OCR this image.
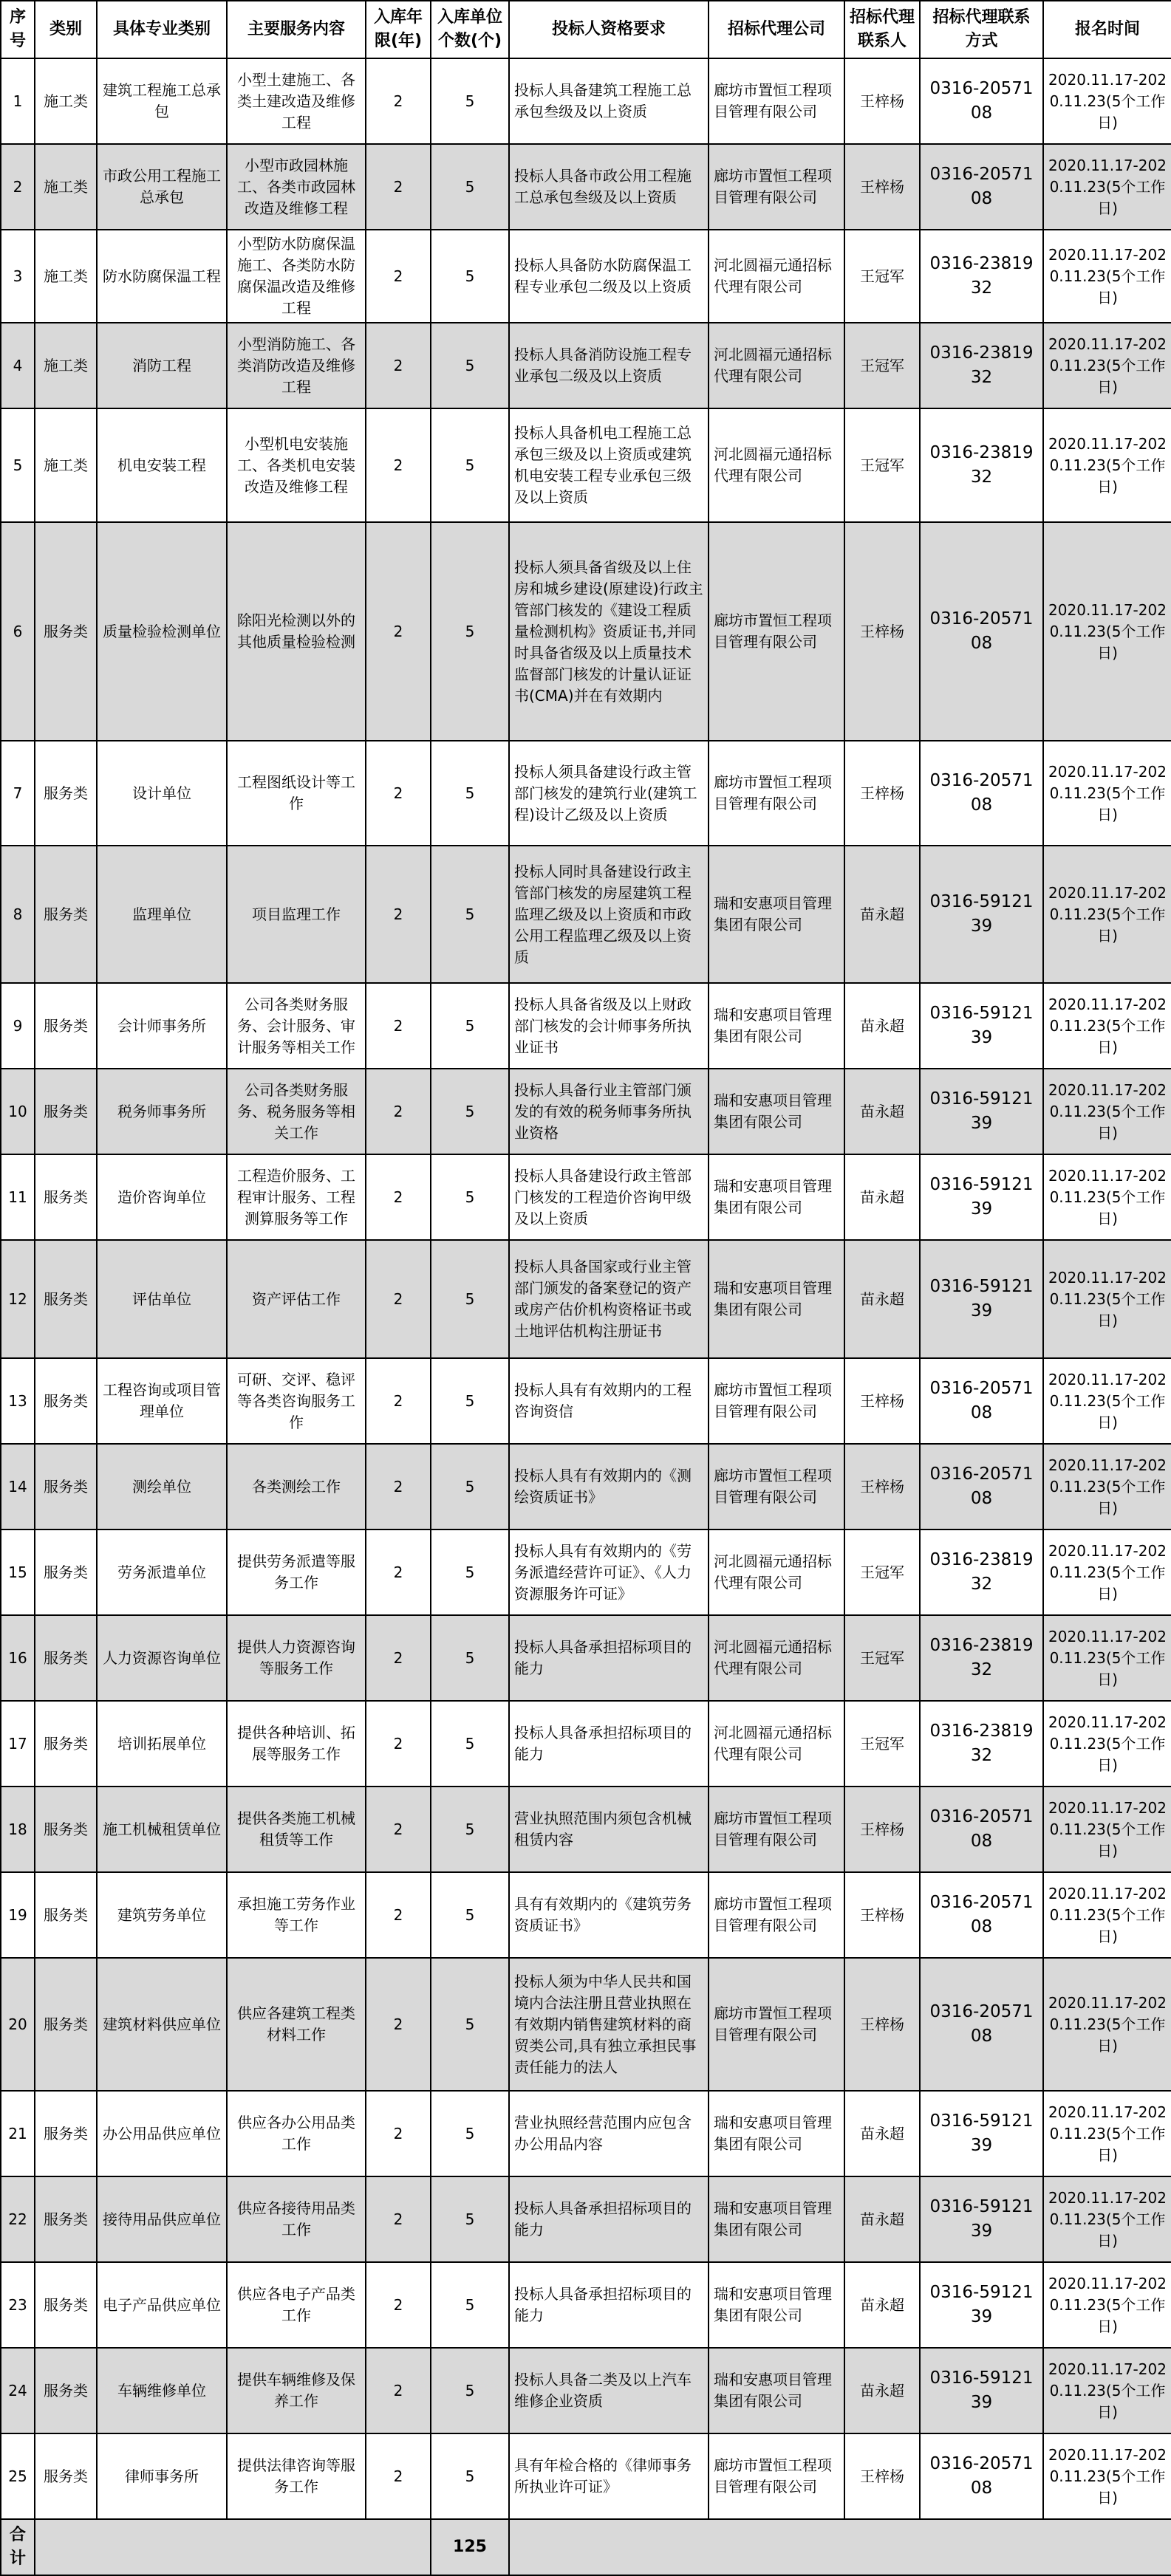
序号	类别	具体专业类别	主要服务内容	入库年限(年)	入库单位个数(个)	投标人资格要求	招标代理公司	招标代理联系人	招标代理联系方式	报名时间
1	施工类	建筑工程施工总承包	小型土建施工、各类土建改造及维修工程	2	5	投标人具备建筑工程施工总承包叁级及以上资质	廊坊市置恒工程项目管理有限公司	王梓杨	0316-2057108	2020.11.17-2020.11.23(5个工作日)
2	施工类	市政公用工程施工总承包	小型市政园林施工、各类市政园林改造及维修工程	2	5	投标人具备市政公用工程施工总承包叁级及以上资质	廊坊市置恒工程项目管理有限公司	王梓杨	0316-2057108	2020.11.17-2020.11.23(5个工作日)
3	施工类	防水防腐保温工程	小型防水防腐保温施工、各类防水防腐保温改造及维修工程	2	5	投标人具备防水防腐保温工程专业承包二级及以上资质	河北圆福元通招标代理有限公司	王冠军	0316-2381932	2020.11.17-2020.11.23(5个工作日)
4	施工类	消防工程	小型消防施工、各类消防改造及维修工程	2	5	投标人具备消防设施工程专业承包二级及以上资质	河北圆福元通招标代理有限公司	王冠军	0316-2381932	2020.11.17-2020.11.23(5个工作日)
5	施工类	机电安装工程	小型机电安装施工、各类机电安装改造及维修工程	2	5	投标人具备机电工程施工总承包三级及以上资质或建筑机电安装工程专业承包三级及以上资质	河北圆福元通招标代理有限公司	王冠军	0316-2381932	2020.11.17-2020.11.23(5个工作日)
6	服务类	质量检验检测单位	除阳光检测以外的其他质量检验检测	2	5	投标人须具备省级及以上住房和城乡建设(原建设)行政主管部门核发的《建设工程质量检测机构》资质证书,并同时具备省级及以上质量技术监督部门核发的计量认证证书(CMA)并在有效期内	廊坊市置恒工程项目管理有限公司	王梓杨	0316-2057108	2020.11.17-2020.11.23(5个工作日)
7	服务类	设计单位	工程图纸设计等工作	2	5	投标人须具备建设行政主管部门核发的建筑行业(建筑工程)设计乙级及以上资质	廊坊市置恒工程项目管理有限公司	王梓杨	0316-2057108	2020.11.17-2020.11.23(5个工作日)
8	服务类	监理单位	项目监理工作	2	5	投标人同时具备建设行政主管部门核发的房屋建筑工程监理乙级及以上资质和市政公用工程监理乙级及以上资质	瑞和安惠项目管理集团有限公司	苗永超	0316-5912139	2020.11.17-2020.11.23(5个工作日)
9	服务类	会计师事务所	公司各类财务服务、会计服务、审计服务等相关工作	2	5	投标人具备省级及以上财政部门核发的会计师事务所执业证书	瑞和安惠项目管理集团有限公司	苗永超	0316-5912139	2020.11.17-2020.11.23(5个工作日)
10	服务类	税务师事务所	公司各类财务服务、税务服务等相关工作	2	5	投标人具备行业主管部门颁发的有效的税务师事务所执业资格	瑞和安惠项目管理集团有限公司	苗永超	0316-5912139	2020.11.17-2020.11.23(5个工作日)
11	服务类	造价咨询单位	工程造价服务、工程审计服务、工程测算服务等工作	2	5	投标人具备建设行政主管部门核发的工程造价咨询甲级及以上资质	瑞和安惠项目管理集团有限公司	苗永超	0316-5912139	2020.11.17-2020.11.23(5个工作日)
12	服务类	评估单位	资产评估工作	2	5	投标人具备国家或行业主管部门颁发的备案登记的资产或房产估价机构资格证书或土地评估机构注册证书	瑞和安惠项目管理集团有限公司	苗永超	0316-5912139	2020.11.17-2020.11.23(5个工作日)
13	服务类	工程咨询或项目管理单位	可研、交评、稳评等各类咨询服务工作	2	5	投标人具有有效期内的工程咨询资信	廊坊市置恒工程项目管理有限公司	王梓杨	0316-2057108	2020.11.17-2020.11.23(5个工作日)
14	服务类	测绘单位	各类测绘工作	2	5	投标人具有有效期内的《测绘资质证书》	廊坊市置恒工程项目管理有限公司	王梓杨	0316-2057108	2020.11.17-2020.11.23(5个工作日)
15	服务类	劳务派遣单位	提供劳务派遣等服务工作	2	5	投标人具有有效期内的《劳务派遣经营许可证》、《人力资源服务许可证》	河北圆福元通招标代理有限公司	王冠军	0316-2381932	2020.11.17-2020.11.23(5个工作日)
16	服务类	人力资源咨询单位	提供人力资源咨询等服务工作	2	5	投标人具备承担招标项目的能力	河北圆福元通招标代理有限公司	王冠军	0316-2381932	2020.11.17-2020.11.23(5个工作日)
17	服务类	培训拓展单位	提供各种培训、拓展等服务工作	2	5	投标人具备承担招标项目的能力	河北圆福元通招标代理有限公司	王冠军	0316-2381932	2020.11.17-2020.11.23(5个工作日)
18	服务类	施工机械租赁单位	提供各类施工机械租赁等工作	2	5	营业执照范围内须包含机械租赁内容	廊坊市置恒工程项目管理有限公司	王梓杨	0316-2057108	2020.11.17-2020.11.23(5个工作日)
19	服务类	建筑劳务单位	承担施工劳务作业等工作	2	5	具有有效期内的《建筑劳务资质证书》	廊坊市置恒工程项目管理有限公司	王梓杨	0316-2057108	2020.11.17-2020.11.23(5个工作日)
20	服务类	建筑材料供应单位	供应各建筑工程类材料工作	2	5	投标人须为中华人民共和国境内合法注册且营业执照在有效期内销售建筑材料的商贸类公司,具有独立承担民事责任能力的法人	廊坊市置恒工程项目管理有限公司	王梓杨	0316-2057108	2020.11.17-2020.11.23(5个工作日)
21	服务类	办公用品供应单位	供应各办公用品类工作	2	5	营业执照经营范围内应包含办公用品内容	瑞和安惠项目管理集团有限公司	苗永超	0316-5912139	2020.11.17-2020.11.23(5个工作日)
22	服务类	接待用品供应单位	供应各接待用品类工作	2	5	投标人具备承担招标项目的能力	瑞和安惠项目管理集团有限公司	苗永超	0316-5912139	2020.11.17-2020.11.23(5个工作日)
23	服务类	电子产品供应单位	供应各电子产品类工作	2	5	投标人具备承担招标项目的能力	瑞和安惠项目管理集团有限公司	苗永超	0316-5912139	2020.11.17-2020.11.23(5个工作日)
24	服务类	车辆维修单位	提供车辆维修及保养工作	2	5	投标人具备二类及以上汽车维修企业资质	瑞和安惠项目管理集团有限公司	苗永超	0316-5912139	2020.11.17-2020.11.23(5个工作日)
25	服务类	律师事务所	提供法律咨询等服务工作	2	5	具有年检合格的《律师事务所执业许可证》	廊坊市置恒工程项目管理有限公司	王梓杨	0316-2057108	2020.11.17-2020.11.23(5个工作日)
合计					125					
